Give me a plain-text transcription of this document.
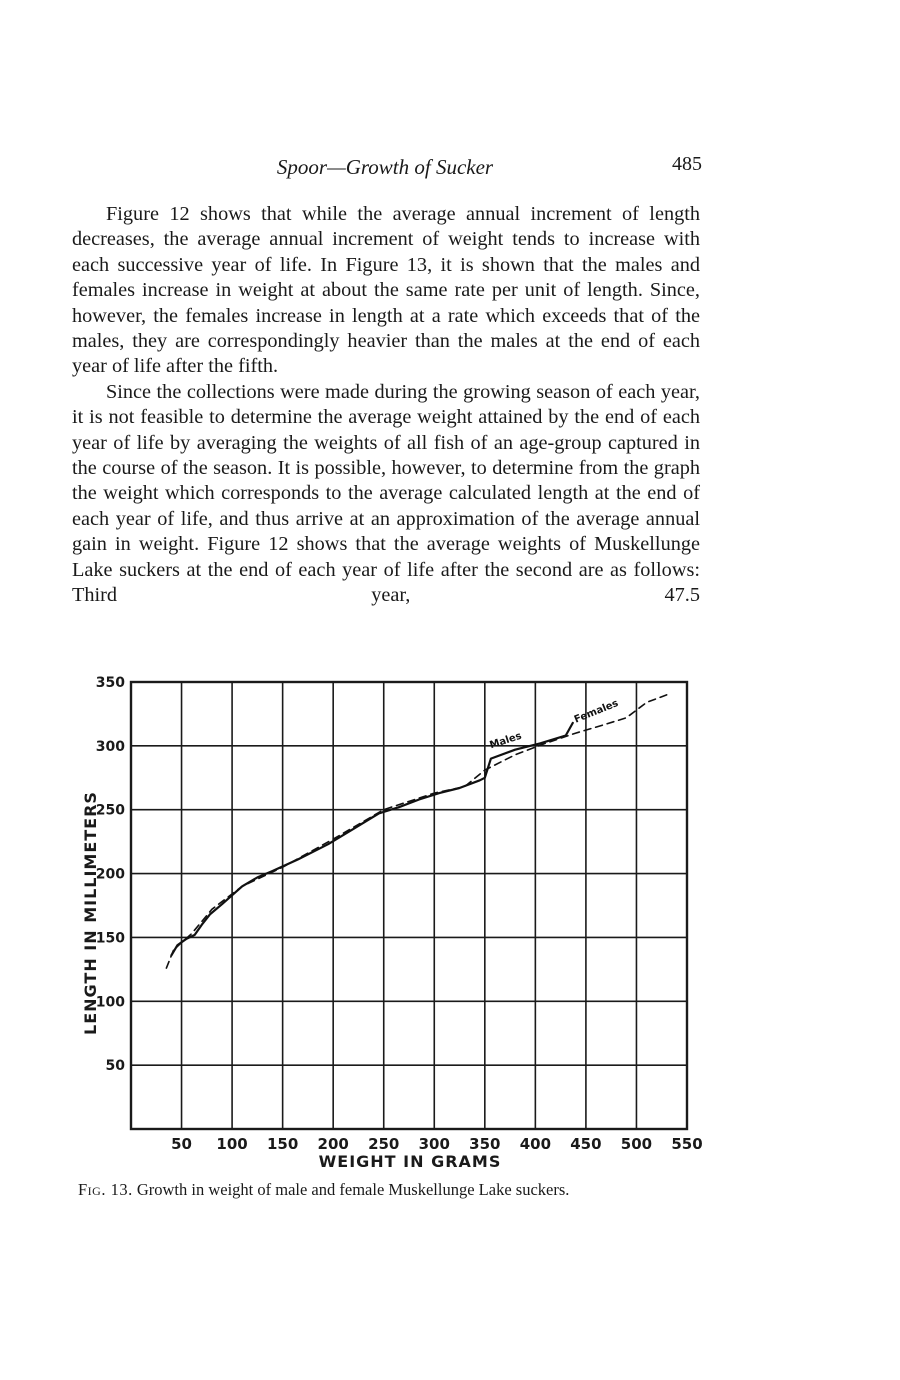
Spoor—Growth of Sucker	485

Figure 12 shows that while the average annual increment of length decreases, the average annual increment of weight tends to increase with each successive year of life. In Figure 13, it is shown that the males and females increase in weight at about the same rate per unit of length. Since, however, the females increase in length at a rate which exceeds that of the males, they are correspondingly heavier than the males at the end of each year of life after the fifth.

Since the collections were made during the growing season of each year, it is not feasible to determine the average weight attained by the end of each year of life by averaging the weights of all fish of an age-group captured in the course of the season. It is possible, however, to determine from the graph the weight which corresponds to the average calculated length at the end of each year of life, and thus arrive at an approximation of the average annual gain in weight. Figure 12 shows that the average weights of Muskellunge Lake suckers at the end of each year of life after the second are as follows: Third year, 47.5

50 100 150 200 250 300 350 400 450 500 550
50
100
150
200
250
300
350
Males
Females
WEIGHT IN GRAMS
LENGTH IN MILLIMETERS
Fig. 13. Growth in weight of male and female Muskellunge Lake suckers.
